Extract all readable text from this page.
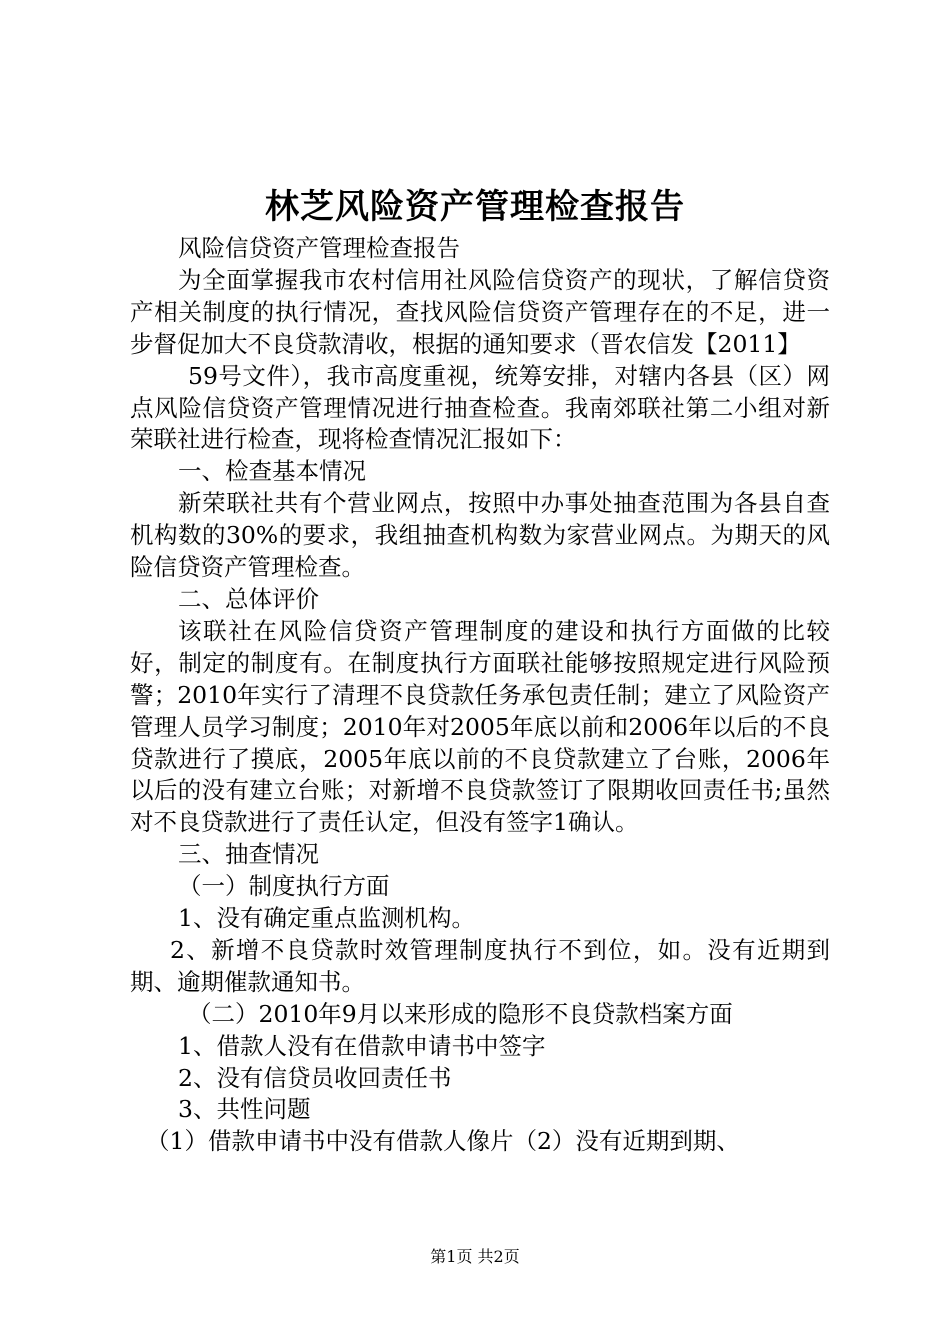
林芝风险资产管理检查报告

风险信贷资产管理检查报告

为全面掌握我市农村信用社风险信贷资产的现状，了解信贷资产相关制度的执行情况，查找风险信贷资产管理存在的不足，进一步督促加大不良贷款清收，根据的通知要求（晋农信发【2011】

59号文件），我市高度重视，统筹安排，对辖内各县（区）网点风险信贷资产管理情况进行抽查检查。我南郊联社第二小组对新荣联社进行检查，现将检查情况汇报如下：

一、检查基本情况

新荣联社共有个营业网点，按照中办事处抽查范围为各县自查机构数的30%的要求，我组抽查机构数为家营业网点。为期天的风险信贷资产管理检查。

二、总体评价

该联社在风险信贷资产管理制度的建设和执行方面做的比较好，制定的制度有。在制度执行方面联社能够按照规定进行风险预警；2010年实行了清理不良贷款任务承包责任制；建立了风险资产管理人员学习制度；2010年对2005年底以前和2006年以后的不良贷款进行了摸底，2005年底以前的不良贷款建立了台账，2006年以后的没有建立台账；对新增不良贷款签订了限期收回责任书;虽然对不良贷款进行了责任认定，但没有签字1确认。

三、抽查情况

（一）制度执行方面

1、没有确定重点监测机构。

2、新增不良贷款时效管理制度执行不到位，如。没有近期到期、逾期催款通知书。

（二）2010年9月以来形成的隐形不良贷款档案方面

1、借款人没有在借款申请书中签字

2、没有信贷员收回责任书

3、共性问题

（1）借款申请书中没有借款人像片（2）没有近期到期、

第1页 共2页
